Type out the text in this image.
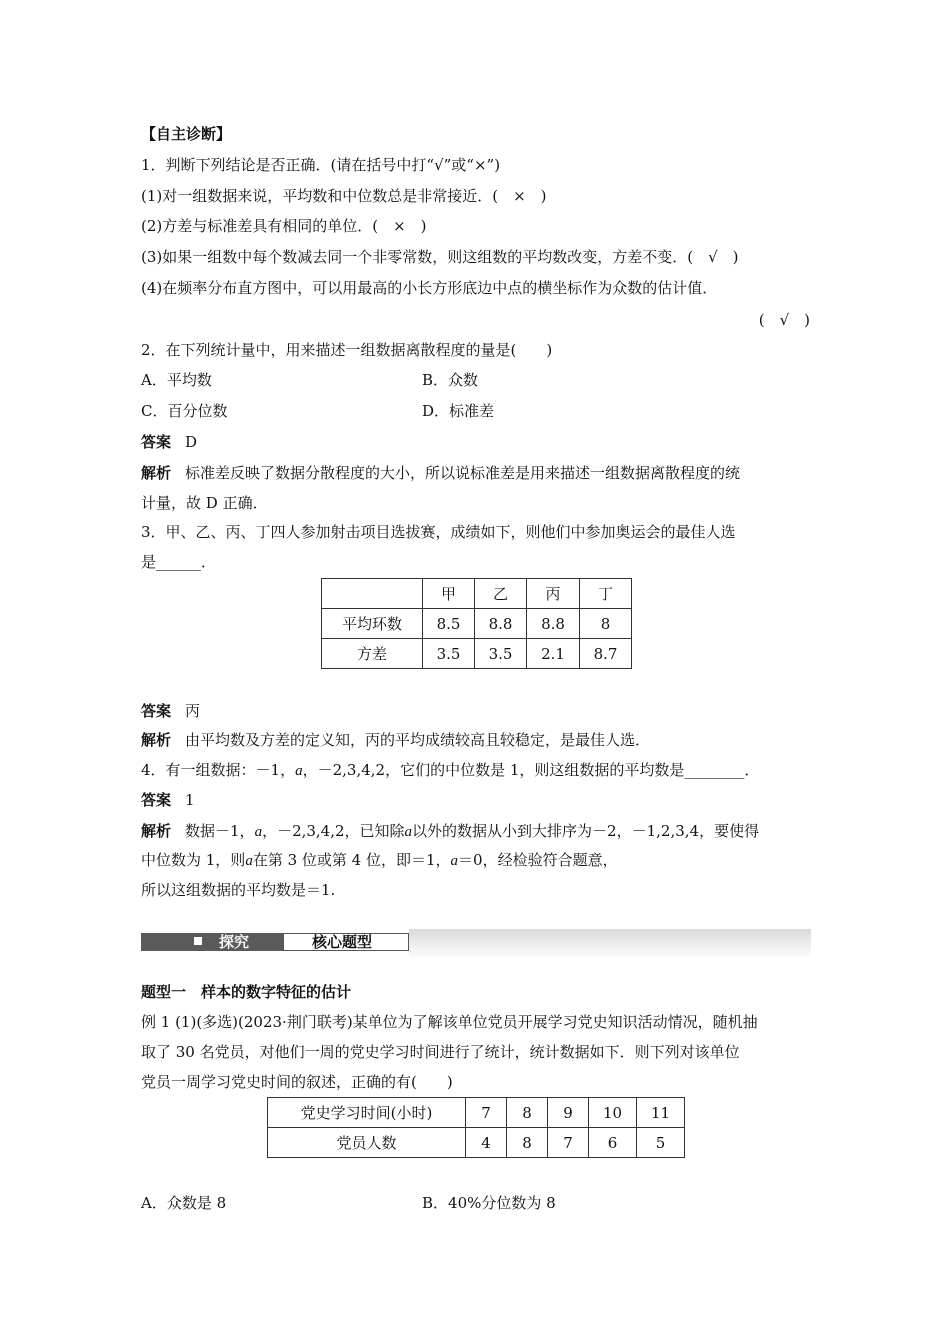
【自主诊断】
1．判断下列结论是否正确．(请在括号中打“√”或“×”)
(1)对一组数据来说，平均数和中位数总是非常接近．(　×　)
(2)方差与标准差具有相同的单位．(　×　)
(3)如果一组数中每个数减去同一个非零常数，则这组数的平均数改变，方差不变．(　√　)
(4)在频率分布直方图中，可以用最高的小长方形底边中点的横坐标作为众数的估计值．
(　√　)
2．在下列统计量中，用来描述一组数据离散程度的量是(　　)
A．平均数	B．众数
C．百分位数	D．标准差
答案 D
解析 标准差反映了数据分散程度的大小，所以说标准差是用来描述一组数据离散程度的统
计量，故 D 正确．
3．甲、乙、丙、丁四人参加射击项目选拔赛，成绩如下，则他们中参加奥运会的最佳人选
是______．
	甲	乙	丙	丁
平均环数	8.5	8.8	8.8	8
方差	3.5	3.5	2.1	8.7
答案 丙
解析 由平均数及方差的定义知，丙的平均成绩较高且较稳定，是最佳人选．
4．有一组数据：－1，a，－2,3,4,2，它们的中位数是 1，则这组数据的平均数是________．
答案 1
解析 数据－1，a，－2,3,4,2，已知除a以外的数据从小到大排序为－2，－1,2,3,4，要使得
中位数为 1，则a在第 3 位或第 4 位，即＝1，a＝0，经检验符合题意，
所以这组数据的平均数是＝1.
探究	核心题型
题型一　样本的数字特征的估计
例 1 (1)(多选)(2023·荆门联考)某单位为了解该单位党员开展学习党史知识活动情况，随机抽
取了 30 名党员，对他们一周的党史学习时间进行了统计，统计数据如下．则下列对该单位
党员一周学习党史时间的叙述，正确的有(　　)
党史学习时间(小时)	7	8	9	10	11
党员人数	4	8	7	6	5
A．众数是 8	B．40%分位数为 8
